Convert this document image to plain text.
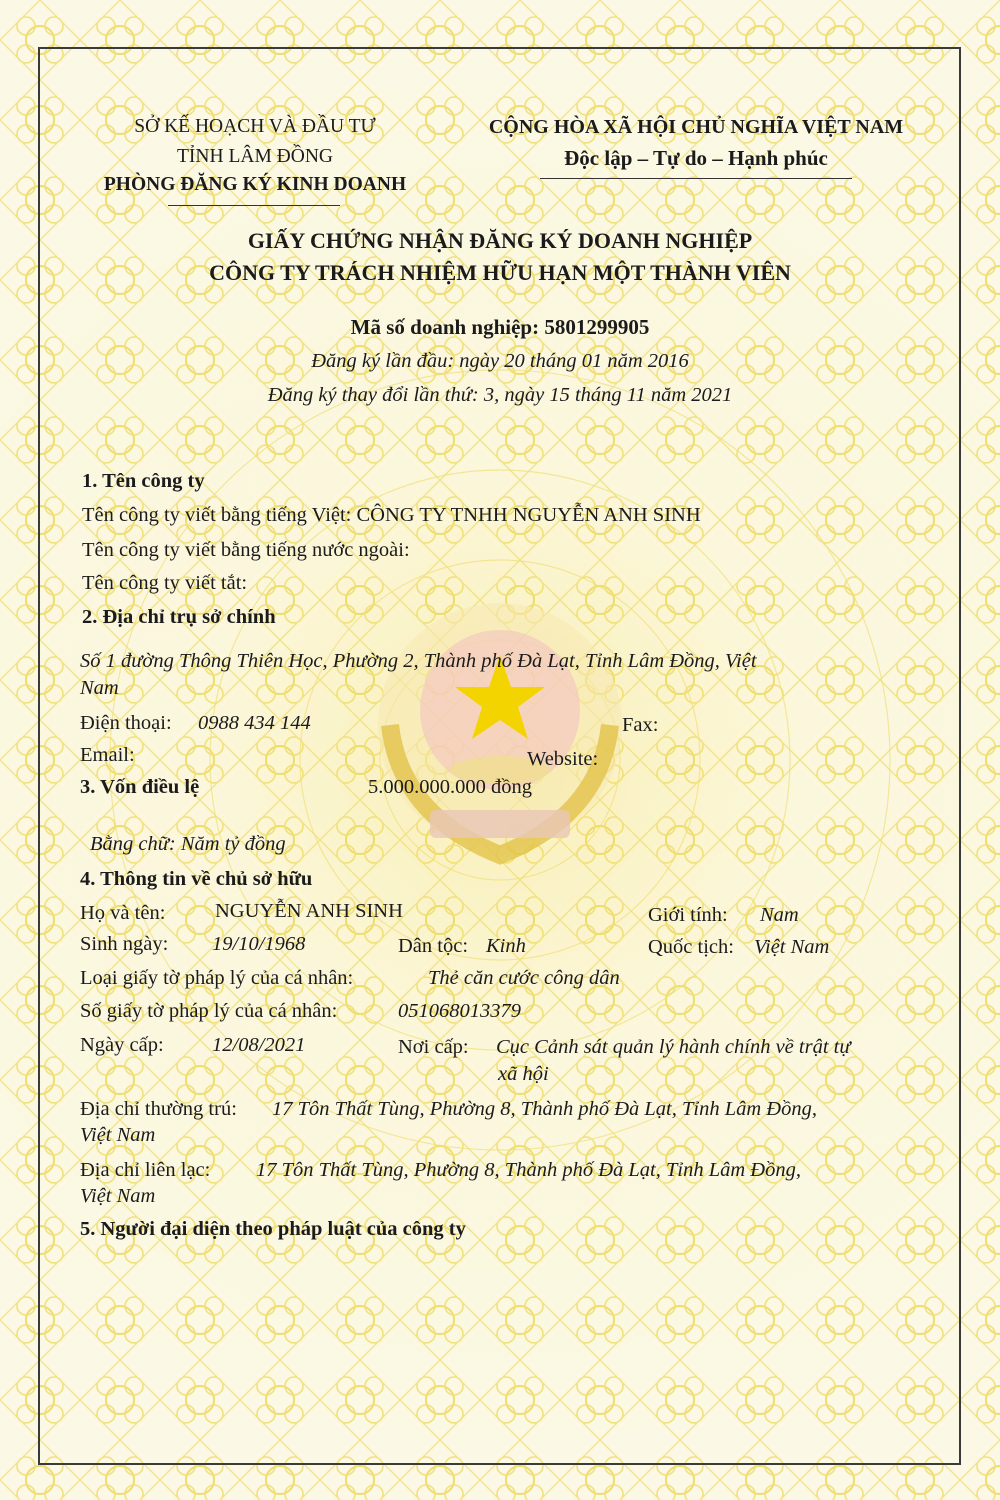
SỞ KẾ HOẠCH VÀ ĐẦU TƯ
TỈNH LÂM ĐỒNG
PHÒNG ĐĂNG KÝ KINH DOANH
CỘNG HÒA XÃ HỘI CHỦ NGHĨA VIỆT NAM
Độc lập – Tự do – Hạnh phúc
GIẤY CHỨNG NHẬN ĐĂNG KÝ DOANH NGHIỆP
CÔNG TY TRÁCH NHIỆM HỮU HẠN MỘT THÀNH VIÊN
Mã số doanh nghiệp: 5801299905
Đăng ký lần đầu: ngày 20 tháng 01 năm 2016
Đăng ký thay đổi lần thứ: 3, ngày 15 tháng 11 năm 2021
1. Tên công ty
Tên công ty viết bằng tiếng Việt: CÔNG TY TNHH NGUYỄN ANH SINH
Tên công ty viết bằng tiếng nước ngoài:
Tên công ty viết tắt:
2. Địa chỉ trụ sở chính
Số 1 đường Thông Thiên Học, Phường 2, Thành phố Đà Lạt, Tỉnh Lâm Đồng, Việt
Nam
Điện thoại: 0988 434 144	Fax:
Email:	Website:
3. Vốn điều lệ	5.000.000.000 đồng
Bằng chữ: Năm tỷ đồng
4. Thông tin về chủ sở hữu
Họ và tên: NGUYỄN ANH SINH	Giới tính: Nam
Sinh ngày: 19/10/1968	Dân tộc: Kinh	Quốc tịch: Việt Nam
Loại giấy tờ pháp lý của cá nhân:	Thẻ căn cước công dân
Số giấy tờ pháp lý của cá nhân:	051068013379
Ngày cấp: 12/08/2021	Nơi cấp: Cục Cảnh sát quản lý hành chính về trật tự
xã hội
Địa chỉ thường trú: 17 Tôn Thất Tùng, Phường 8, Thành phố Đà Lạt, Tỉnh Lâm Đồng,
Việt Nam
Địa chỉ liên lạc: 17 Tôn Thất Tùng, Phường 8, Thành phố Đà Lạt, Tỉnh Lâm Đồng,
Việt Nam
5. Người đại diện theo pháp luật của công ty
